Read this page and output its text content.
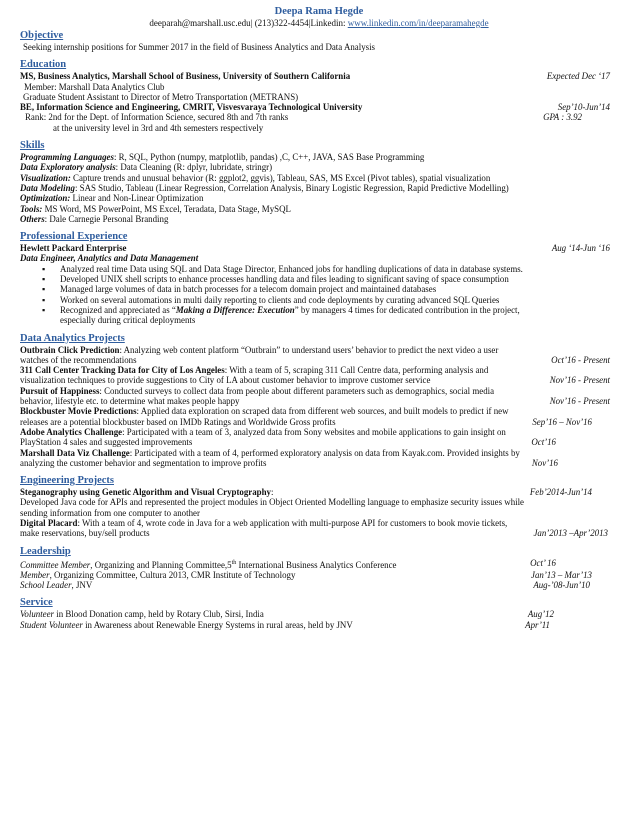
Deepa Rama Hegde
deeparah@marshall.usc.edu| (213)322-4454|Linkedin: www.linkedin.com/in/deeparamahegde
Objective
Seeking internship positions for Summer 2017 in the field of Business Analytics and Data Analysis
Education
MS, Business Analytics, Marshall School of Business, University of Southern California	Expected Dec ‘17
Member: Marshall Data Analytics Club
Graduate Student Assistant to Director of Metro Transportation (METRANS)
BE, Information Science and Engineering, CMRIT, Visvesvaraya Technological University	Sep’10-Jun’14
Rank: 2nd for the Dept. of Information Science, secured 8th and 7th ranks	GPA : 3.92
at the university level in 3rd and 4th semesters respectively
Skills
Programming Languages: R, SQL, Python (numpy, matplotlib, pandas) ,C, C++, JAVA, SAS Base Programming
Data Exploratory analysis: Data Cleaning (R: dplyr, lubridate, stringr)
Visualization: Capture trends and unusual behavior (R: ggplot2, ggvis), Tableau, SAS, MS Excel (Pivot tables), spatial visualization
Data Modeling: SAS Studio, Tableau (Linear Regression, Correlation Analysis, Binary Logistic Regression, Rapid Predictive Modelling)
Optimization: Linear and Non-Linear Optimization
Tools: MS Word, MS PowerPoint, MS Excel, Teradata, Data Stage, MySQL
Others: Dale Carnegie Personal Branding
Professional Experience
Hewlett Packard Enterprise	Aug ‘14-Jun ‘16
Data Engineer, Analytics and Data Management
▪ Analyzed real time Data using SQL and Data Stage Director, Enhanced jobs for handling duplications of data in database systems.
▪ Developed UNIX shell scripts to enhance processes handling data and files leading to significant saving of space consumption
▪ Managed large volumes of data in batch processes for a telecom domain project and maintained databases
▪ Worked on several automations in multi daily reporting to clients and code deployments by curating advanced SQL Queries
▪ Recognized and appreciated as “Making a Difference: Execution” by managers 4 times for dedicated contribution in the project,
especially during critical deployments
Data Analytics Projects
Outbrain Click Prediction: Analyzing web content platform “Outbrain” to understand users’ behavior to predict the next video a user
watches of the recommendations	Oct’16 - Present
311 Call Center Tracking Data for City of Los Angeles: With a team of 5, scraping 311 Call Centre data, performing analysis and
visualization techniques to provide suggestions to City of LA about customer behavior to improve customer service	Nov’16 - Present
Pursuit of Happiness: Conducted surveys to collect data from people about different parameters such as demographics, social media
behavior, lifestyle etc. to determine what makes people happy	Nov’16 - Present
Blockbuster Movie Predictions: Applied data exploration on scraped data from different web sources, and built models to predict if new
releases are a potential blockbuster based on IMDb Ratings and Worldwide Gross profits	Sep’16 – Nov’16
Adobe Analytics Challenge: Participated with a team of 3, analyzed data from Sony websites and mobile applications to gain insight on
PlayStation 4 sales and suggested improvements	Oct’16
Marshall Data Viz Challenge: Participated with a team of 4, performed exploratory analysis on data from Kayak.com. Provided insights by
analyzing the customer behavior and segmentation to improve profits	Nov’16
Engineering Projects
Steganography using Genetic Algorithm and Visual Cryptography:	Feb’2014-Jun’14
Developed Java code for APIs and represented the project modules in Object Oriented Modelling language to emphasize security issues while
sending information from one computer to another
Digital Placard: With a team of 4, wrote code in Java for a web application with multi-purpose API for customers to book movie tickets,
make reservations, buy/sell products	Jan’2013 –Apr’2013
Leadership
Committee Member, Organizing and Planning Committee,5th International Business Analytics Conference	Oct’ 16
Member, Organizing Committee, Cultura 2013, CMR Institute of Technology	Jan’13 – Mar’13
School Leader, JNV	Aug-’08-Jun’10
Service
Volunteer in Blood Donation camp, held by Rotary Club, Sirsi, India	Aug’12
Student Volunteer in Awareness about Renewable Energy Systems in rural areas, held by JNV	Apr’11
